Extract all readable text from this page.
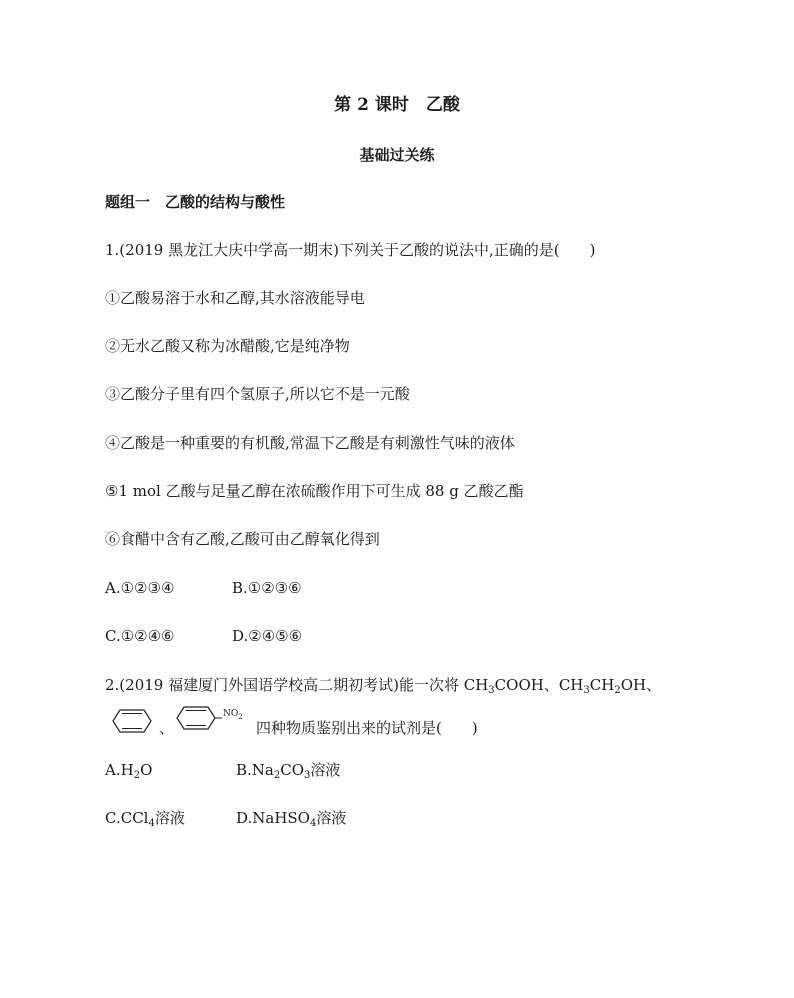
第 2 课时　乙酸
基础过关练
题组一　乙酸的结构与酸性
1.(2019 黑龙江大庆中学高一期末)下列关于乙酸的说法中,正确的是(　　)
①乙酸易溶于水和乙醇,其水溶液能导电
②无水乙酸又称为冰醋酸,它是纯净物
③乙酸分子里有四个氢原子,所以它不是一元酸
④乙酸是一种重要的有机酸,常温下乙酸是有刺激性气味的液体
⑤1 mol 乙酸与足量乙醇在浓硫酸作用下可生成 88 g 乙酸乙酯
⑥食醋中含有乙酸,乙酸可由乙醇氧化得到
A.①②③④	B.①②③⑥
C.①②④⑥	D.②④⑤⑥
2.(2019 福建厦门外国语学校高二期初考试)能一次将 $CH_3COOH$、$CH_3CH_2OH$、
、
$NO_2$
四种物质鉴别出来的试剂是(　　)
$A.H_2O$	$B.Na_2CO_3$溶液
C.CCl$_4$溶液	D.NaHSO$_4$溶液
